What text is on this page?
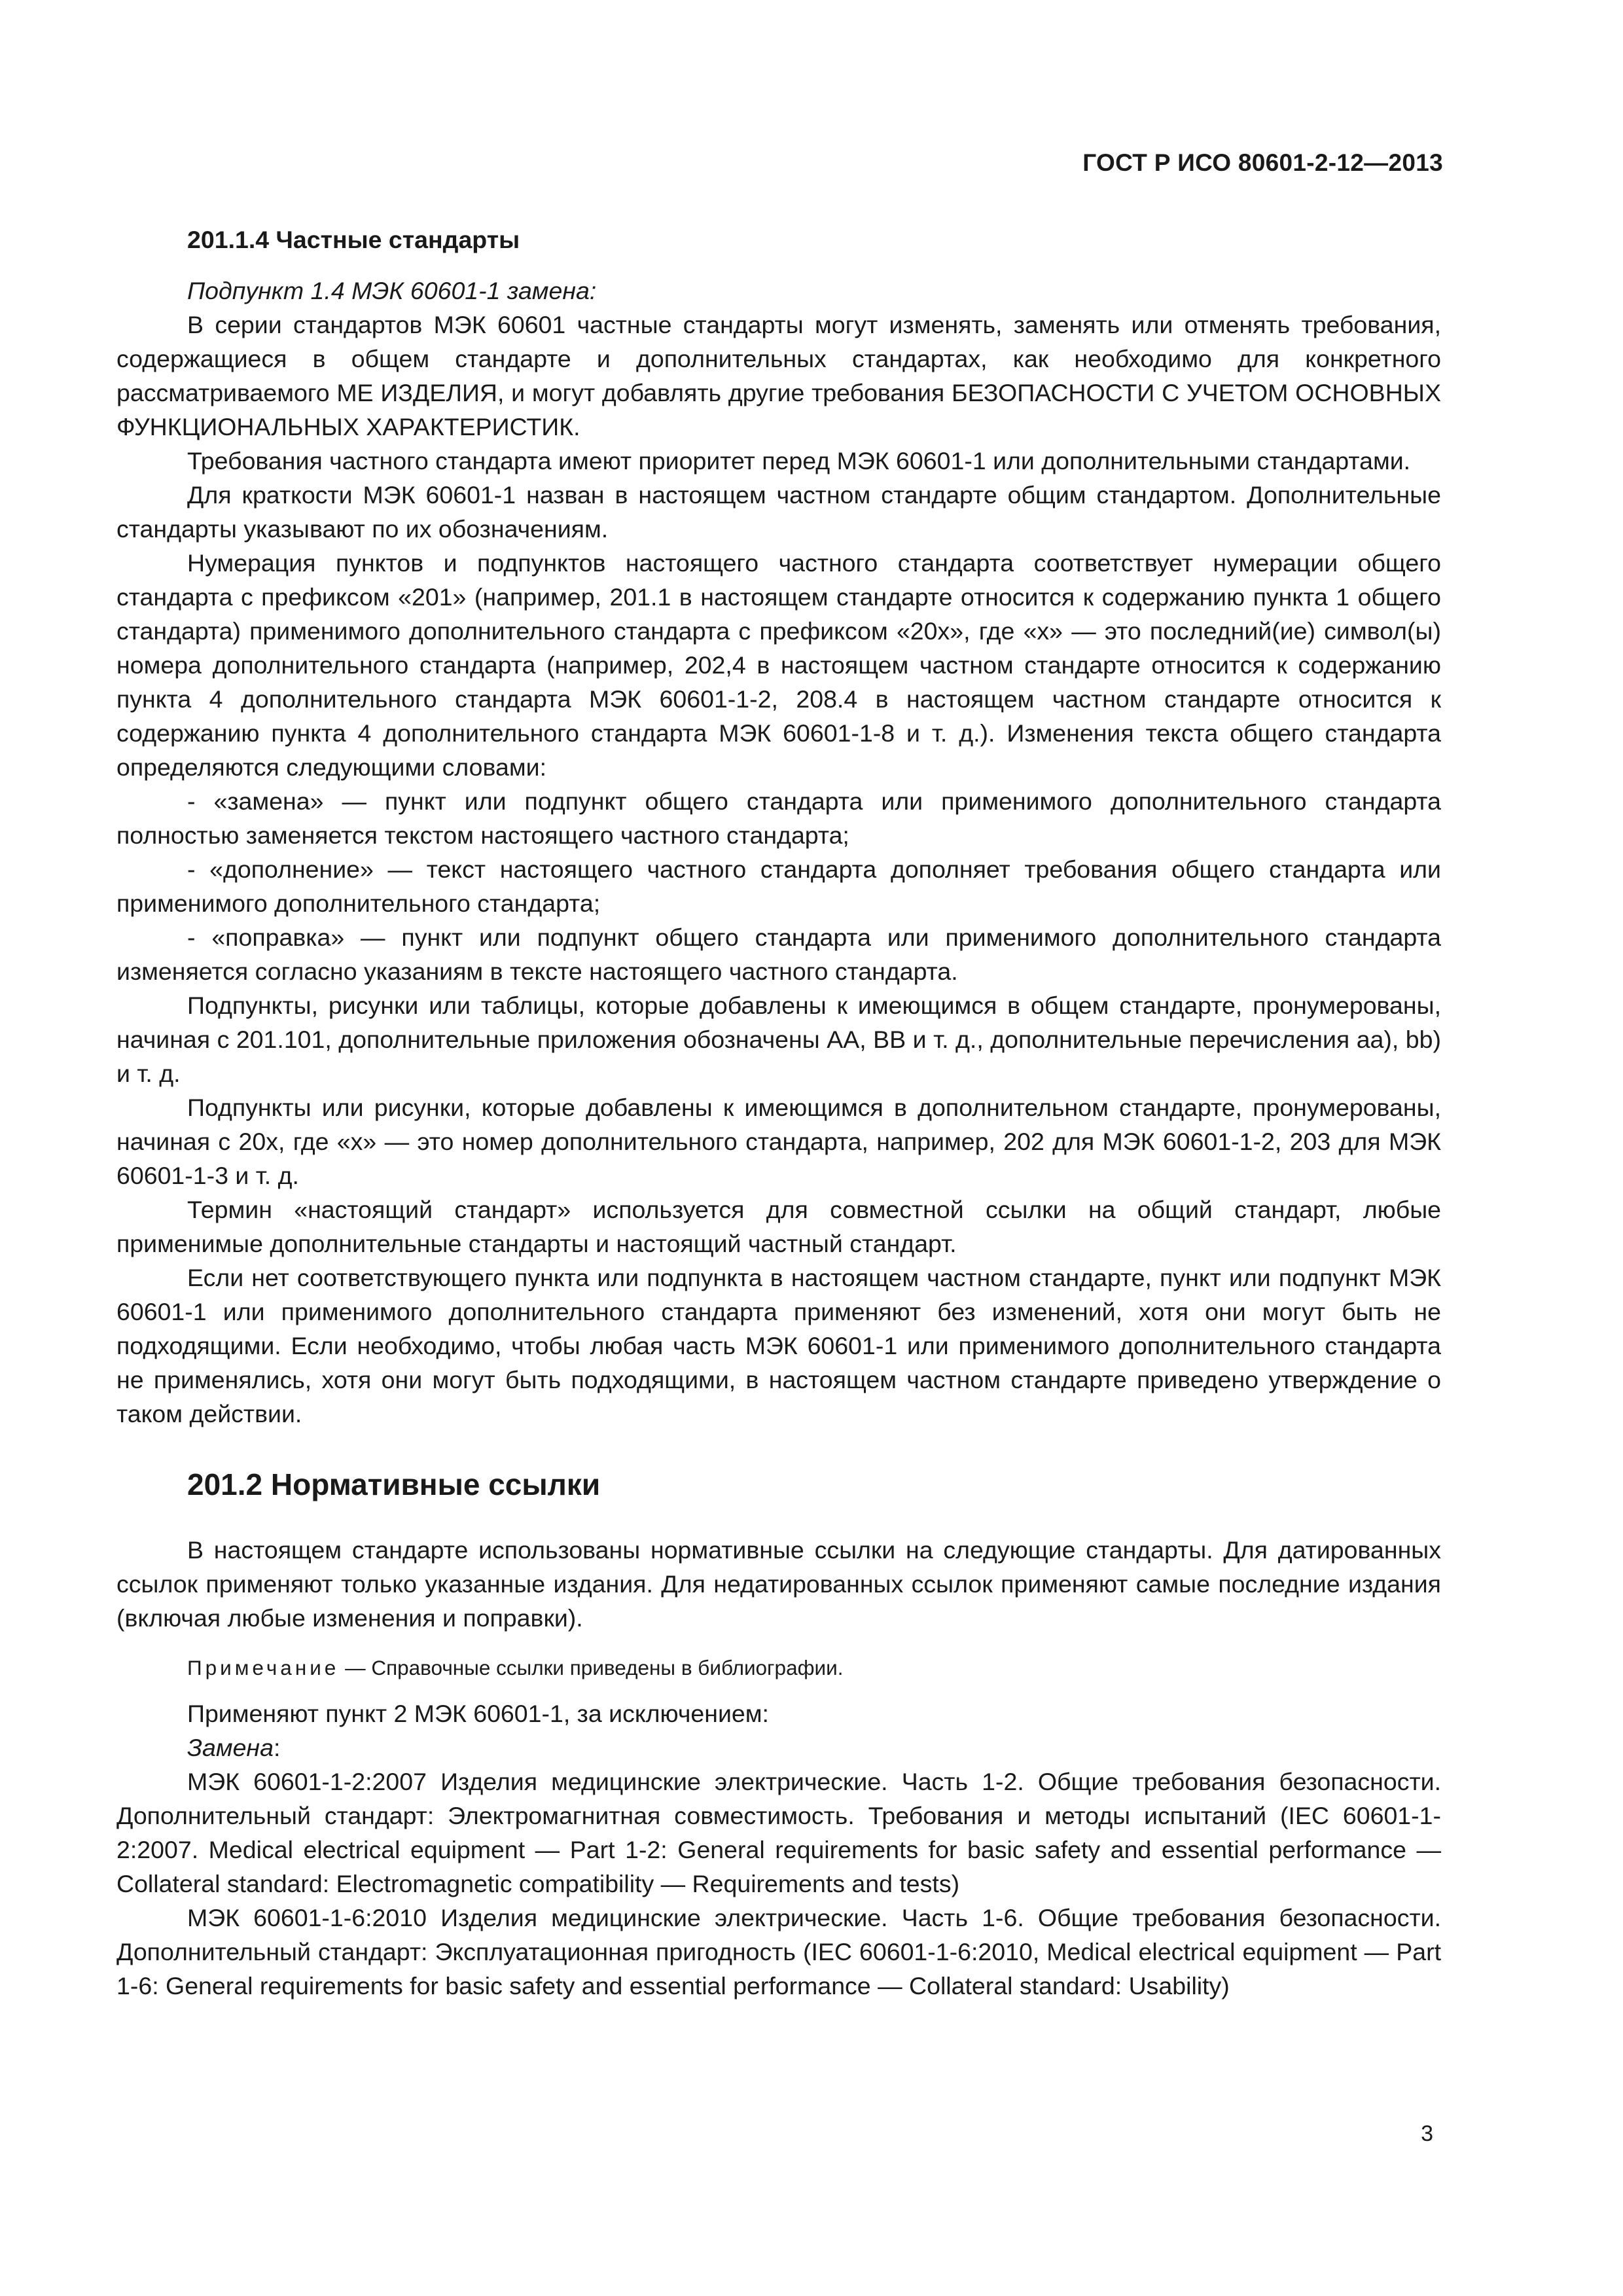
ГОСТ Р ИСО 80601-2-12—2013
201.1.4 Частные стандарты

Подпункт 1.4 МЭК 60601-1 замена:

В серии стандартов МЭК 60601 частные стандарты могут изменять, заменять или отменять требования, содержащиеся в общем стандарте и дополнительных стандартах, как необходимо для конкретного рассматриваемого МЕ ИЗДЕЛИЯ, и могут добавлять другие требования БЕЗОПАСНОСТИ С УЧЕТОМ ОСНОВНЫХ ФУНКЦИОНАЛЬНЫХ ХАРАКТЕРИСТИК.

Требования частного стандарта имеют приоритет перед МЭК 60601-1 или дополнительными стандартами.

Для краткости МЭК 60601-1 назван в настоящем частном стандарте общим стандартом. Дополнительные стандарты указывают по их обозначениям.

Нумерация пунктов и подпунктов настоящего частного стандарта соответствует нумерации общего стандарта с префиксом «201» (например, 201.1 в настоящем стандарте относится к содержанию пункта 1 общего стандарта) применимого дополнительного стандарта с префиксом «20x», где «x» — это последний(ие) символ(ы) номера дополнительного стандарта (например, 202,4 в настоящем частном стандарте относится к содержанию пункта 4 дополнительного стандарта МЭК 60601-1-2, 208.4 в настоящем частном стандарте относится к содержанию пункта 4 дополнительного стандарта МЭК 60601-1-8 и т. д.). Изменения текста общего стандарта определяются следующими словами:

- «замена» — пункт или подпункт общего стандарта или применимого дополнительного стандарта полностью заменяется текстом настоящего частного стандарта;

- «дополнение» — текст настоящего частного стандарта дополняет требования общего стандарта или применимого дополнительного стандарта;

- «поправка» — пункт или подпункт общего стандарта или применимого дополнительного стандарта изменяется согласно указаниям в тексте настоящего частного стандарта.

Подпункты, рисунки или таблицы, которые добавлены к имеющимся в общем стандарте, пронумерованы, начиная с 201.101, дополнительные приложения обозначены АА, ВВ и т. д., дополнительные перечисления аа), bb) и т. д.

Подпункты или рисунки, которые добавлены к имеющимся в дополнительном стандарте, пронумерованы, начиная с 20x, где «x» — это номер дополнительного стандарта, например, 202 для МЭК 60601-1-2, 203 для МЭК 60601-1-3 и т. д.

Термин «настоящий стандарт» используется для совместной ссылки на общий стандарт, любые применимые дополнительные стандарты и настоящий частный стандарт.

Если нет соответствующего пункта или подпункта в настоящем частном стандарте, пункт или подпункт МЭК 60601-1 или применимого дополнительного стандарта применяют без изменений, хотя они могут быть не подходящими. Если необходимо, чтобы любая часть МЭК 60601-1 или применимого дополнительного стандарта не применялись, хотя они могут быть подходящими, в настоящем частном стандарте приведено утверждение о таком действии.

201.2 Нормативные ссылки

В настоящем стандарте использованы нормативные ссылки на следующие стандарты. Для датированных ссылок применяют только указанные издания. Для недатированных ссылок применяют самые последние издания (включая любые изменения и поправки).

Примечание — Справочные ссылки приведены в библиографии.

Применяют пункт 2 МЭК 60601-1, за исключением:

Замена:

МЭК 60601-1-2:2007 Изделия медицинские электрические. Часть 1-2. Общие требования безопасности. Дополнительный стандарт: Электромагнитная совместимость. Требования и методы испытаний (IEC 60601-1-2:2007. Medical electrical equipment — Part 1-2: General requirements for basic safety and essential performance — Collateral standard: Electromagnetic compatibility — Requirements and tests)

МЭК 60601-1-6:2010 Изделия медицинские электрические. Часть 1-6. Общие требования безопасности. Дополнительный стандарт: Эксплуатационная пригодность (IEC 60601-1-6:2010, Medical electrical equipment — Part 1-6: General requirements for basic safety and essential performance — Collateral standard: Usability)

3
